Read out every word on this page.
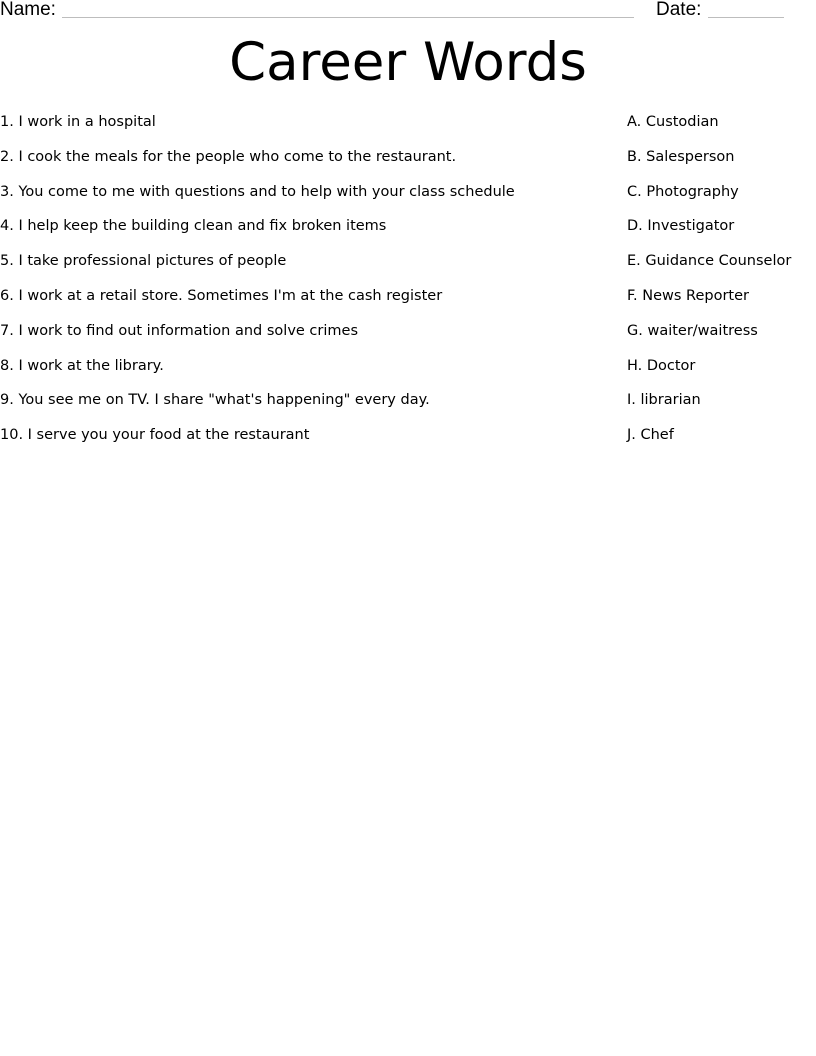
Name:	Date:
Career Words
1. I work in a hospital
2. I cook the meals for the people who come to the restaurant.
3. You come to me with questions and to help with your class schedule
4. I help keep the building clean and fix broken items
5. I take professional pictures of people
6. I work at a retail store. Sometimes I'm at the cash register
7. I work to find out information and solve crimes
8. I work at the library.
9. You see me on TV. I share "what's happening" every day.
10. I serve you your food at the restaurant
A. Custodian
B. Salesperson
C. Photography
D. Investigator
E. Guidance Counselor
F. News Reporter
G. waiter/waitress
H. Doctor
I. librarian
J. Chef
